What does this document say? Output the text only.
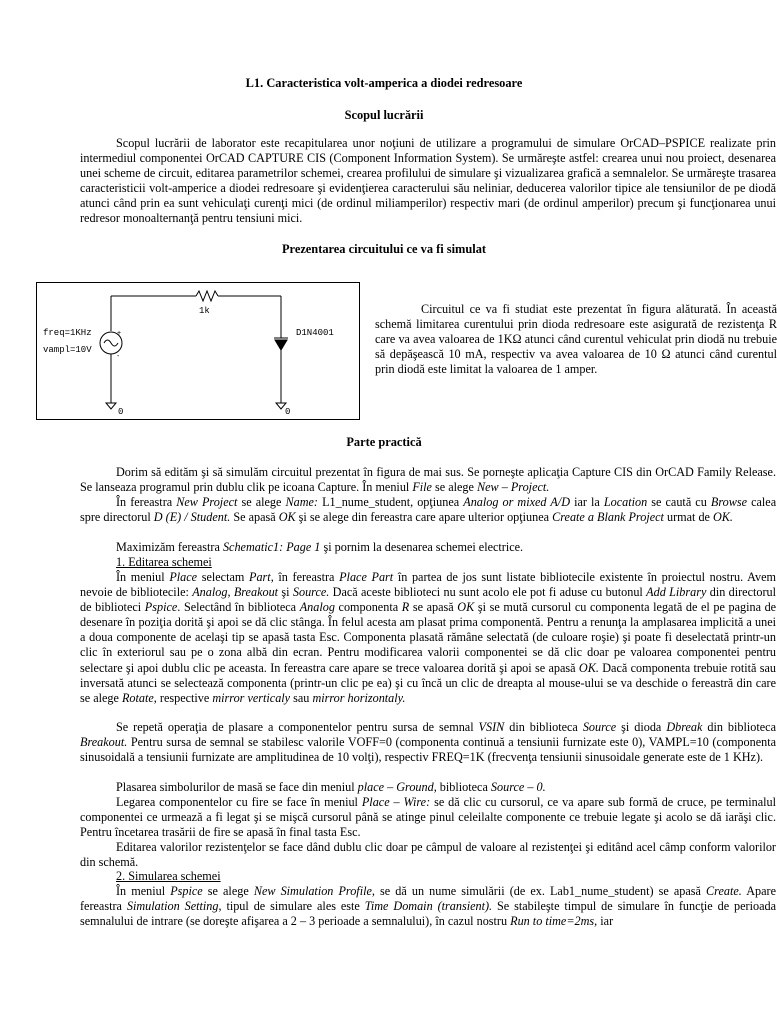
L1. Caracteristica volt-amperica a diodei redresoare
Scopul lucrării

Scopul lucrării de laborator este recapitularea unor noţiuni de utilizare a programului de simulare OrCAD–PSPICE realizate prin intermediul componentei OrCAD CAPTURE CIS (Component Information System). Se urmăreşte astfel: crearea unui nou proiect, desenarea unei scheme de circuit, editarea parametrilor schemei, crearea profilului de simulare şi vizualizarea grafică a semnalelor. Se urmăreşte trasarea caracteristicii volt-amperice a diodei redresoare şi evidenţierea caracterului său neliniar, deducerea valorilor tipice ale tensiunilor de pe diodă atunci când prin ea sunt vehiculaţi curenţi mici (de ordinul miliamperilor) respectiv mari (de ordinul amperilor) precum şi funcţionarea unui redresor monoalternanţă pentru tensiuni mici.

Prezentarea circuitului ce va fi simulat
+
-
freq=1KHz
vampl=10V
1k
D1N4001
0	0

Circuitul ce va fi studiat este prezentat în figura alăturată. În această schemă limitarea curentului prin dioda redresoare este asigurată de rezistenţa R care va avea valoarea de 1KΩ atunci când curentul vehiculat prin diodă nu trebuie să depăşească 10 mA, respectiv va avea valoarea de 10 Ω atunci când curentul prin diodă este limitat la valoarea de 1 amper.

Parte practică

Dorim să edităm şi să simulăm circuitul prezentat în figura de mai sus. Se porneşte aplicaţia Capture CIS din OrCAD Family Release. Se lanseaza programul prin dublu clik pe icoana Capture. În meniul File se alege New – Project.

În fereastra New Project se alege Name: L1_nume_student, opţiunea Analog or mixed A/D iar la Location se caută cu Browse calea spre directorul D (E) / Student. Se apasă OK şi se alege din fereastra care apare ulterior opţiunea Create a Blank Project urmat de OK.

Maximizăm fereastra Schematic1: Page 1 şi pornim la desenarea schemei electrice.

1. Editarea schemei

În meniul Place selectam Part, în fereastra Place Part în partea de jos sunt listate bibliotecile existente în proiectul nostru. Avem nevoie de bibliotecile: Analog, Breakout şi Source. Dacă aceste biblioteci nu sunt acolo ele pot fi aduse cu butonul Add Library din directorul de biblioteci Pspice. Selectând în biblioteca Analog componenta R se apasă OK şi se mută cursorul cu componenta legată de el pe pagina de desenare în poziţia dorită şi apoi se dă clic stânga. În felul acesta am plasat prima componentă. Pentru a renunţa la amplasarea implicită a unei a doua componente de acelaşi tip se apasă tasta Esc. Componenta plasată rămâne selectată (de culoare roşie) şi poate fi deselectată printr-un clic în exteriorul sau pe o zona albă din ecran. Pentru modificarea valorii componentei se dă clic doar pe valoarea componentei pentru selectare şi apoi dublu clic pe aceasta. In fereastra care apare se trece valoarea dorită şi apoi se apasă OK. Dacă componenta trebuie rotită sau inversată atunci se selectează componenta (printr-un clic pe ea) şi cu încă un clic de dreapta al mouse-ului se va deschide o fereastră din care se alege Rotate, respective mirror verticaly sau mirror horizontaly.

Se repetă operaţia de plasare a componentelor pentru sursa de semnal VSIN din biblioteca Source şi dioda Dbreak din biblioteca Breakout. Pentru sursa de semnal se stabilesc valorile VOFF=0 (componenta continuă a tensiunii furnizate este 0), VAMPL=10 (componenta sinusoidală a tensiunii furnizate are amplitudinea de 10 volţi), respectiv FREQ=1K (frecvenţa tensiunii sinusoidale generate este de 1 KHz).

Plasarea simbolurilor de masă se face din meniul place – Ground, biblioteca Source – 0.

Legarea componentelor cu fire se face în meniul Place – Wire: se dă clic cu cursorul, ce va apare sub formă de cruce, pe terminalul componentei ce urmează a fi legat şi se mişcă cursorul până se atinge pinul celeilalte componente ce trebuie legate şi acolo se dă iarăşi clic. Pentru încetarea trasării de fire se apasă în final tasta Esc.

Editarea valorilor rezistenţelor se face dând dublu clic doar pe câmpul de valoare al rezistenţei şi editând acel câmp conform valorilor din schemă.

2. Simularea schemei

În meniul Pspice se alege New Simulation Profile, se dă un nume simulării (de ex. Lab1_nume_student) se apasă Create. Apare fereastra Simulation Setting, tipul de simulare ales este Time Domain (transient). Se stabileşte timpul de simulare în funcţie de perioada semnalului de intrare (se doreşte afişarea a 2 – 3 perioade a semnalului), în cazul nostru Run to time=2ms, iar
